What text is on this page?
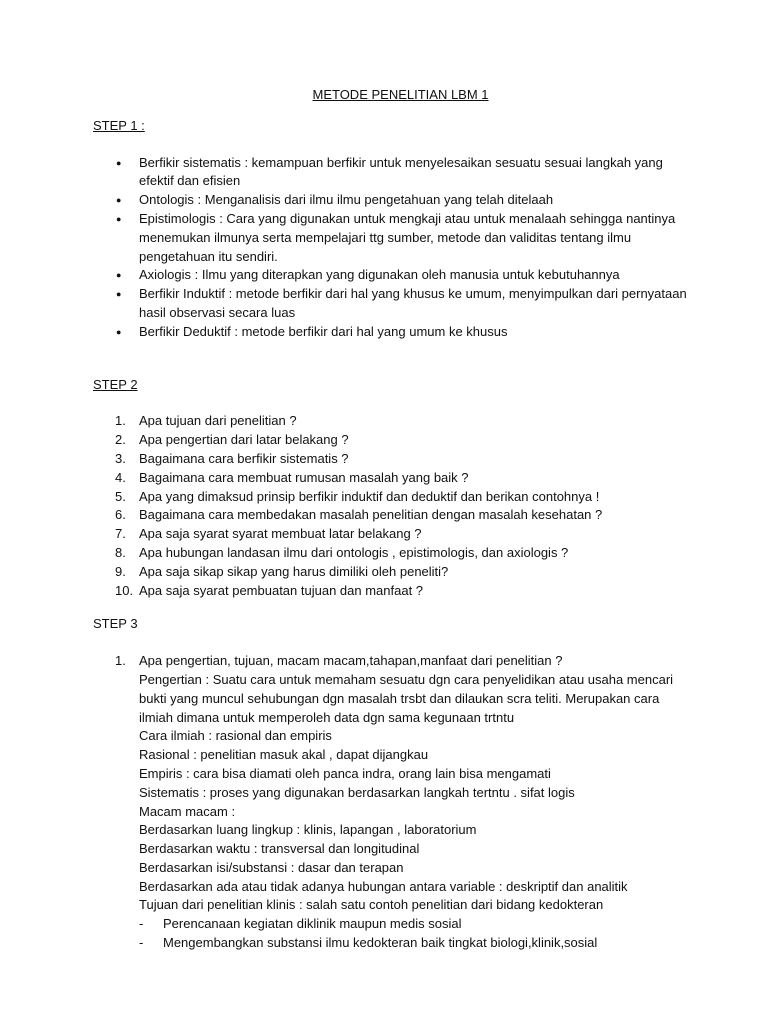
METODE PENELITIAN LBM 1
STEP 1 :
● Berfikir sistematis : kemampuan berfikir untuk menyelesaikan sesuatu sesuai langkah yang efektif dan efisien
● Ontologis : Menganalisis dari ilmu ilmu pengetahuan yang telah ditelaah
● Epistimologis : Cara yang digunakan untuk mengkaji atau untuk menalaah sehingga nantinya menemukan ilmunya serta mempelajari ttg sumber, metode dan validitas tentang ilmu pengetahuan itu sendiri.
● Axiologis : Ilmu yang diterapkan yang digunakan oleh manusia untuk kebutuhannya
● Berfikir Induktif : metode berfikir dari hal yang khusus ke umum, menyimpulkan dari pernyataan hasil observasi secara luas
● Berfikir Deduktif : metode berfikir dari hal yang umum ke khusus
STEP 2
1. Apa tujuan dari penelitian ?
2. Apa pengertian dari latar belakang ?
3. Bagaimana cara berfikir sistematis ?
4. Bagaimana cara membuat rumusan masalah yang baik ?
5. Apa yang dimaksud prinsip berfikir induktif dan deduktif dan berikan contohnya !
6. Bagaimana cara membedakan masalah penelitian dengan masalah kesehatan ?
7. Apa saja syarat syarat membuat latar belakang ?
8. Apa hubungan landasan ilmu dari ontologis , epistimologis, dan axiologis ?
9. Apa saja sikap sikap yang harus dimiliki oleh peneliti?
10. Apa saja syarat pembuatan tujuan dan manfaat ?
STEP 3
1. Apa pengertian, tujuan, macam macam,tahapan,manfaat dari penelitian ?
Pengertian : Suatu cara untuk memaham sesuatu dgn cara penyelidikan atau usaha mencari bukti yang muncul sehubungan dgn masalah trsbt dan dilaukan scra teliti. Merupakan cara ilmiah dimana untuk memperoleh data dgn sama kegunaan trtntu
Cara ilmiah : rasional dan empiris
Rasional : penelitian masuk akal , dapat dijangkau
Empiris : cara bisa diamati oleh panca indra, orang lain bisa mengamati
Sistematis : proses yang digunakan berdasarkan langkah tertntu . sifat logis
Macam macam :
Berdasarkan luang lingkup : klinis, lapangan , laboratorium
Berdasarkan waktu : transversal dan longitudinal
Berdasarkan isi/substansi : dasar dan terapan
Berdasarkan ada atau tidak adanya hubungan antara variable : deskriptif dan analitik
Tujuan dari penelitian klinis : salah satu contoh penelitian dari bidang kedokteran
- Perencanaan kegiatan diklinik maupun medis sosial
- Mengembangkan substansi ilmu kedokteran baik tingkat biologi,klinik,sosial
